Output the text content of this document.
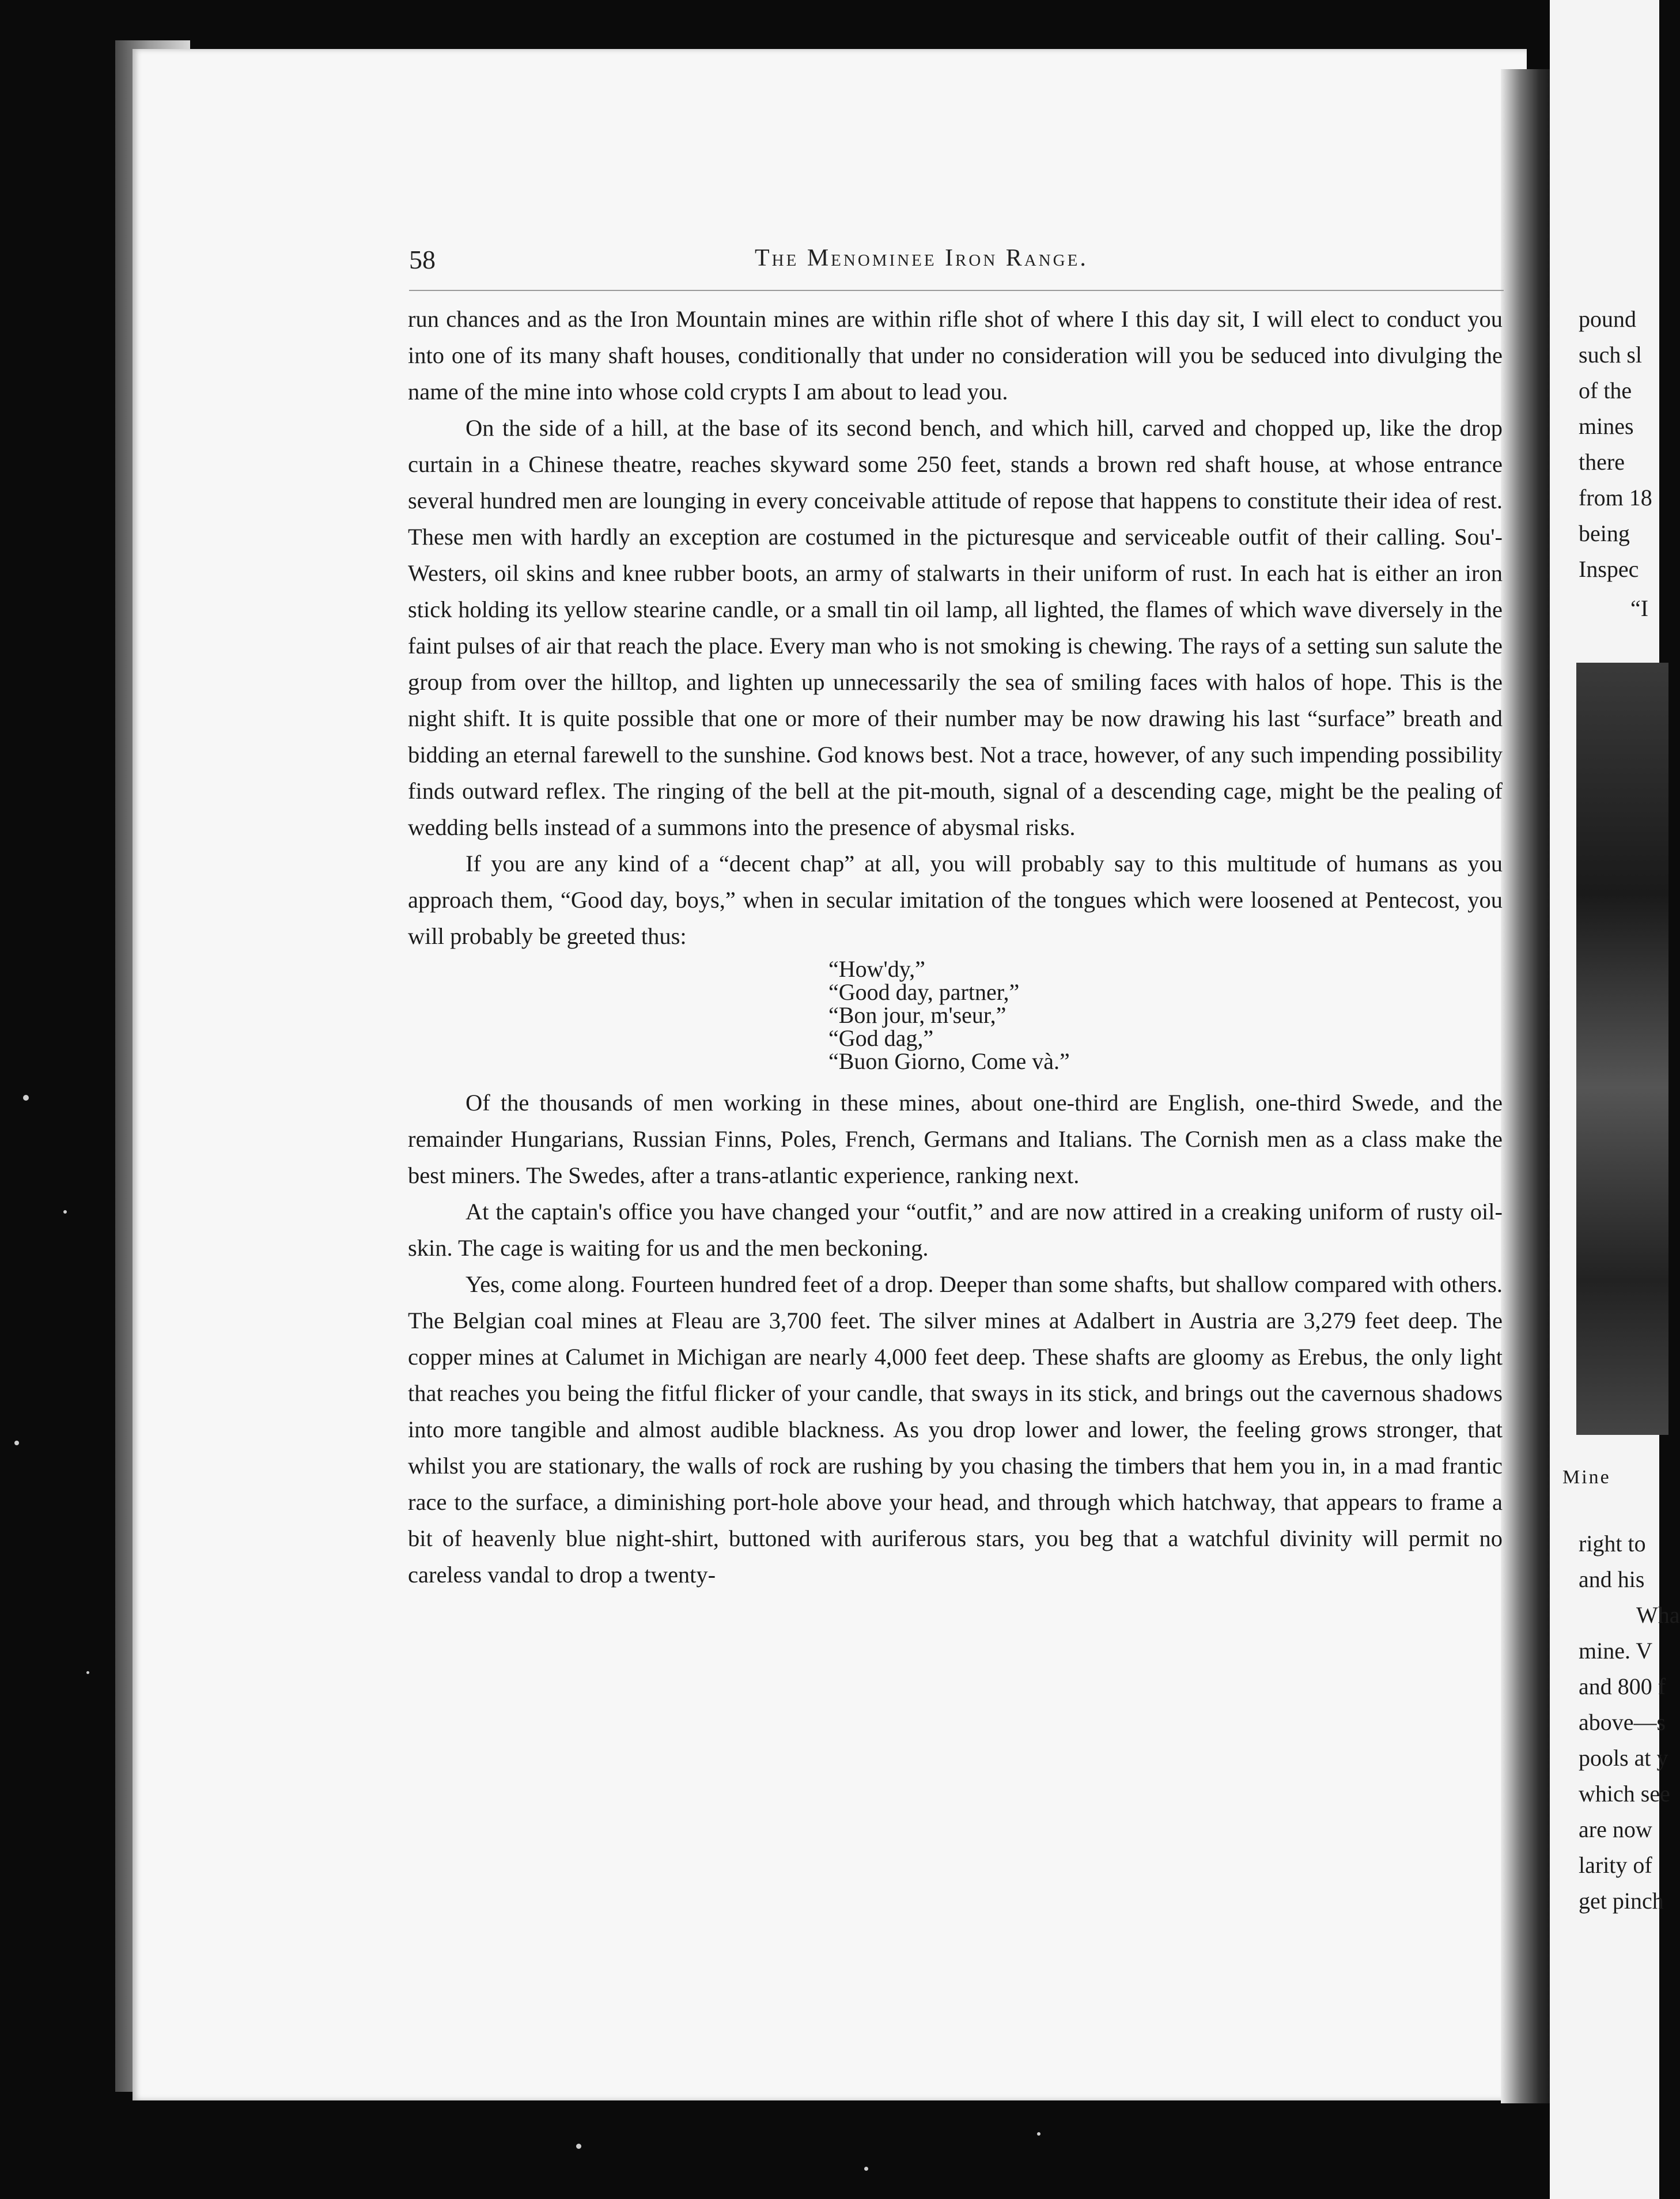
58	The Menominee Iron Range.

run chances and as the Iron Mountain mines are within rifle shot of where I this day sit, I will elect to conduct you into one of its many shaft houses, conditionally that under no consideration will you be seduced into divulging the name of the mine into whose cold crypts I am about to lead you.

On the side of a hill, at the base of its second bench, and which hill, carved and chopped up, like the drop curtain in a Chinese theatre, reaches skyward some 250 feet, stands a brown red shaft house, at whose entrance several hundred men are lounging in every conceivable attitude of repose that happens to constitute their idea of rest. These men with hardly an exception are costumed in the picturesque and serviceable outfit of their calling. Sou'-Westers, oil skins and knee rubber boots, an army of stalwarts in their uniform of rust. In each hat is either an iron stick holding its yellow stearine candle, or a small tin oil lamp, all lighted, the flames of which wave diversely in the faint pulses of air that reach the place. Every man who is not smoking is chewing. The rays of a setting sun salute the group from over the hilltop, and lighten up unnecessarily the sea of smiling faces with halos of hope. This is the night shift. It is quite possible that one or more of their number may be now drawing his last “surface” breath and bidding an eternal farewell to the sunshine. God knows best. Not a trace, however, of any such impending possibility finds outward reflex. The ringing of the bell at the pit-mouth, signal of a descending cage, might be the pealing of wedding bells instead of a summons into the presence of abysmal risks.

If you are any kind of a “decent chap” at all, you will probably say to this multitude of humans as you approach them, “Good day, boys,” when in secular imitation of the tongues which were loosened at Pentecost, you will probably be greeted thus:

“How'dy,”
“Good day, partner,”
“Bon jour, m'seur,”
“God dag,”
“Buon Giorno, Come và.”

Of the thousands of men working in these mines, about one-third are English, one-third Swede, and the remainder Hungarians, Russian Finns, Poles, French, Germans and Italians. The Cornish men as a class make the best miners. The Swedes, after a trans-atlantic experience, ranking next.

At the captain's office you have changed your “outfit,” and are now attired in a creaking uniform of rusty oil-skin. The cage is waiting for us and the men beckoning.

Yes, come along. Fourteen hundred feet of a drop. Deeper than some shafts, but shallow compared with others. The Belgian coal mines at Fleau are 3,700 feet. The silver mines at Adalbert in Austria are 3,279 feet deep. The copper mines at Calumet in Michigan are nearly 4,000 feet deep. These shafts are gloomy as Erebus, the only light that reaches you being the fitful flicker of your candle, that sways in its stick, and brings out the cavernous shadows into more tangible and almost audible blackness. As you drop lower and lower, the feeling grows stronger, that whilst you are stationary, the walls of rock are rushing by you chasing the timbers that hem you in, in a mad frantic race to the surface, a diminishing port-hole above your head, and through which hatchway, that appears to frame a bit of heavenly blue night-shirt, buttoned with auriferous stars, you beg that a watchful divinity will permit no careless vandal to drop a twenty-

pound
such sl
of the
mines
there
from 18
being
Inspec
“I
right to
and his
Wha
mine. V
and 800 f
above—s
pools at y
which see
are now
larity of
get pinch
Mine
